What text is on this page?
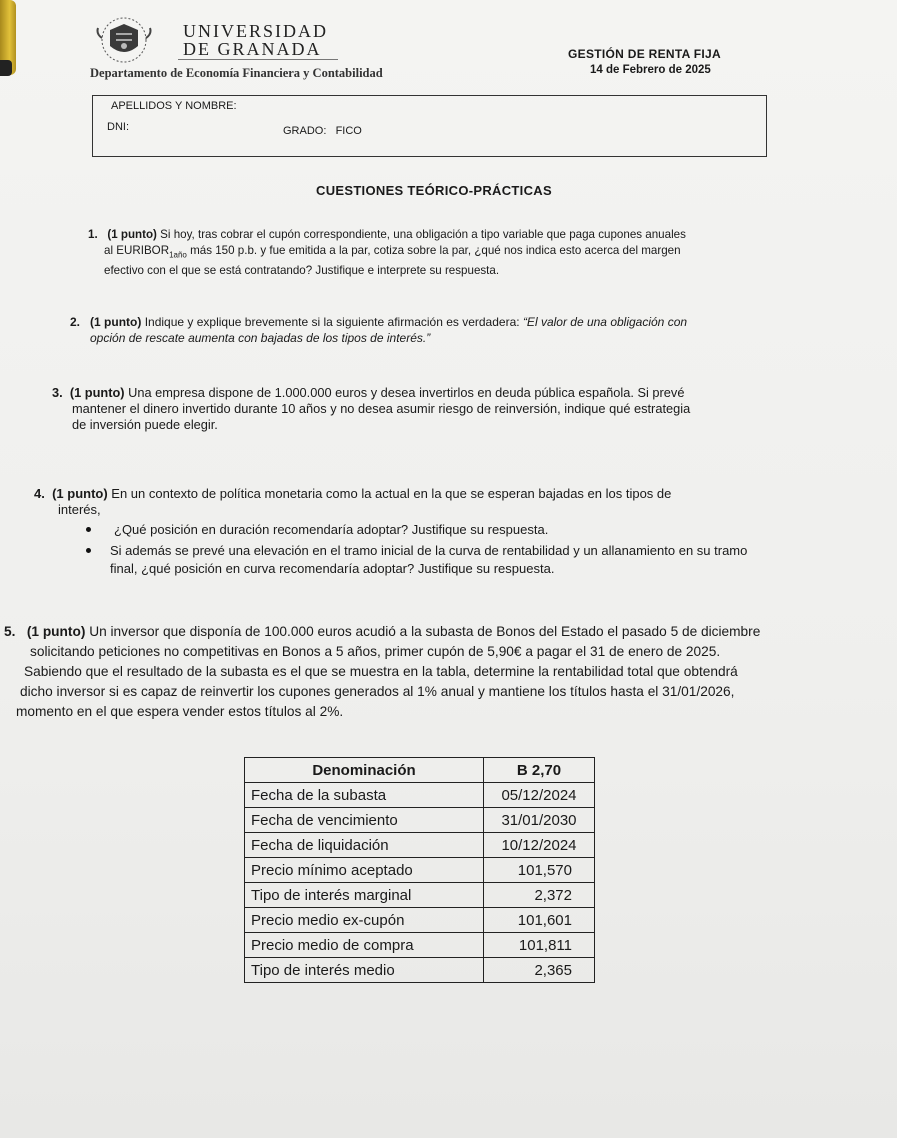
UNIVERSIDAD
DE GRANADA
Departamento de Economía Financiera y Contabilidad
GESTIÓN DE RENTA FIJA
14 de Febrero de 2025
APELLIDOS Y NOMBRE:
DNI:	GRADO: FICO
CUESTIONES TEÓRICO-PRÁCTICAS
1. (1 punto) Si hoy, tras cobrar el cupón correspondiente, una obligación a tipo variable que paga cupones anuales
al $EURIBOR_{1año}$ más 150 p.b. y fue emitida a la par, cotiza sobre la par, ¿qué nos indica esto acerca del margen
efectivo con el que se está contratando? Justifique e interprete su respuesta.
2. (1 punto) Indique y explique brevemente si la siguiente afirmación es verdadera: “El valor de una obligación con
opción de rescate aumenta con bajadas de los tipos de interés.”
3. (1 punto) Una empresa dispone de 1.000.000 euros y desea invertirlos en deuda pública española. Si prevé
mantener el dinero invertido durante 10 años y no desea asumir riesgo de reinversión, indique qué estrategia
de inversión puede elegir.
4. (1 punto) En un contexto de política monetaria como la actual en la que se esperan bajadas en los tipos de
interés,
¿Qué posición en duración recomendaría adoptar? Justifique su respuesta.
Si además se prevé una elevación en el tramo inicial de la curva de rentabilidad y un allanamiento en su tramo
final, ¿qué posición en curva recomendaría adoptar? Justifique su respuesta.
5. (1 punto) Un inversor que disponía de 100.000 euros acudió a la subasta de Bonos del Estado el pasado 5 de diciembre
solicitando peticiones no competitivas en Bonos a 5 años, primer cupón de 5,90€ a pagar el 31 de enero de 2025.
Sabiendo que el resultado de la subasta es el que se muestra en la tabla, determine la rentabilidad total que obtendrá
dicho inversor si es capaz de reinvertir los cupones generados al 1% anual y mantiene los títulos hasta el 31/01/2026,
momento en el que espera vender estos títulos al 2%.
Denominación	B 2,70
Fecha de la subasta	05/12/2024
Fecha de vencimiento	31/01/2030
Fecha de liquidación	10/12/2024
Precio mínimo aceptado	101,570
Tipo de interés marginal	2,372
Precio medio ex-cupón	101,601
Precio medio de compra	101,811
Tipo de interés medio	2,365
